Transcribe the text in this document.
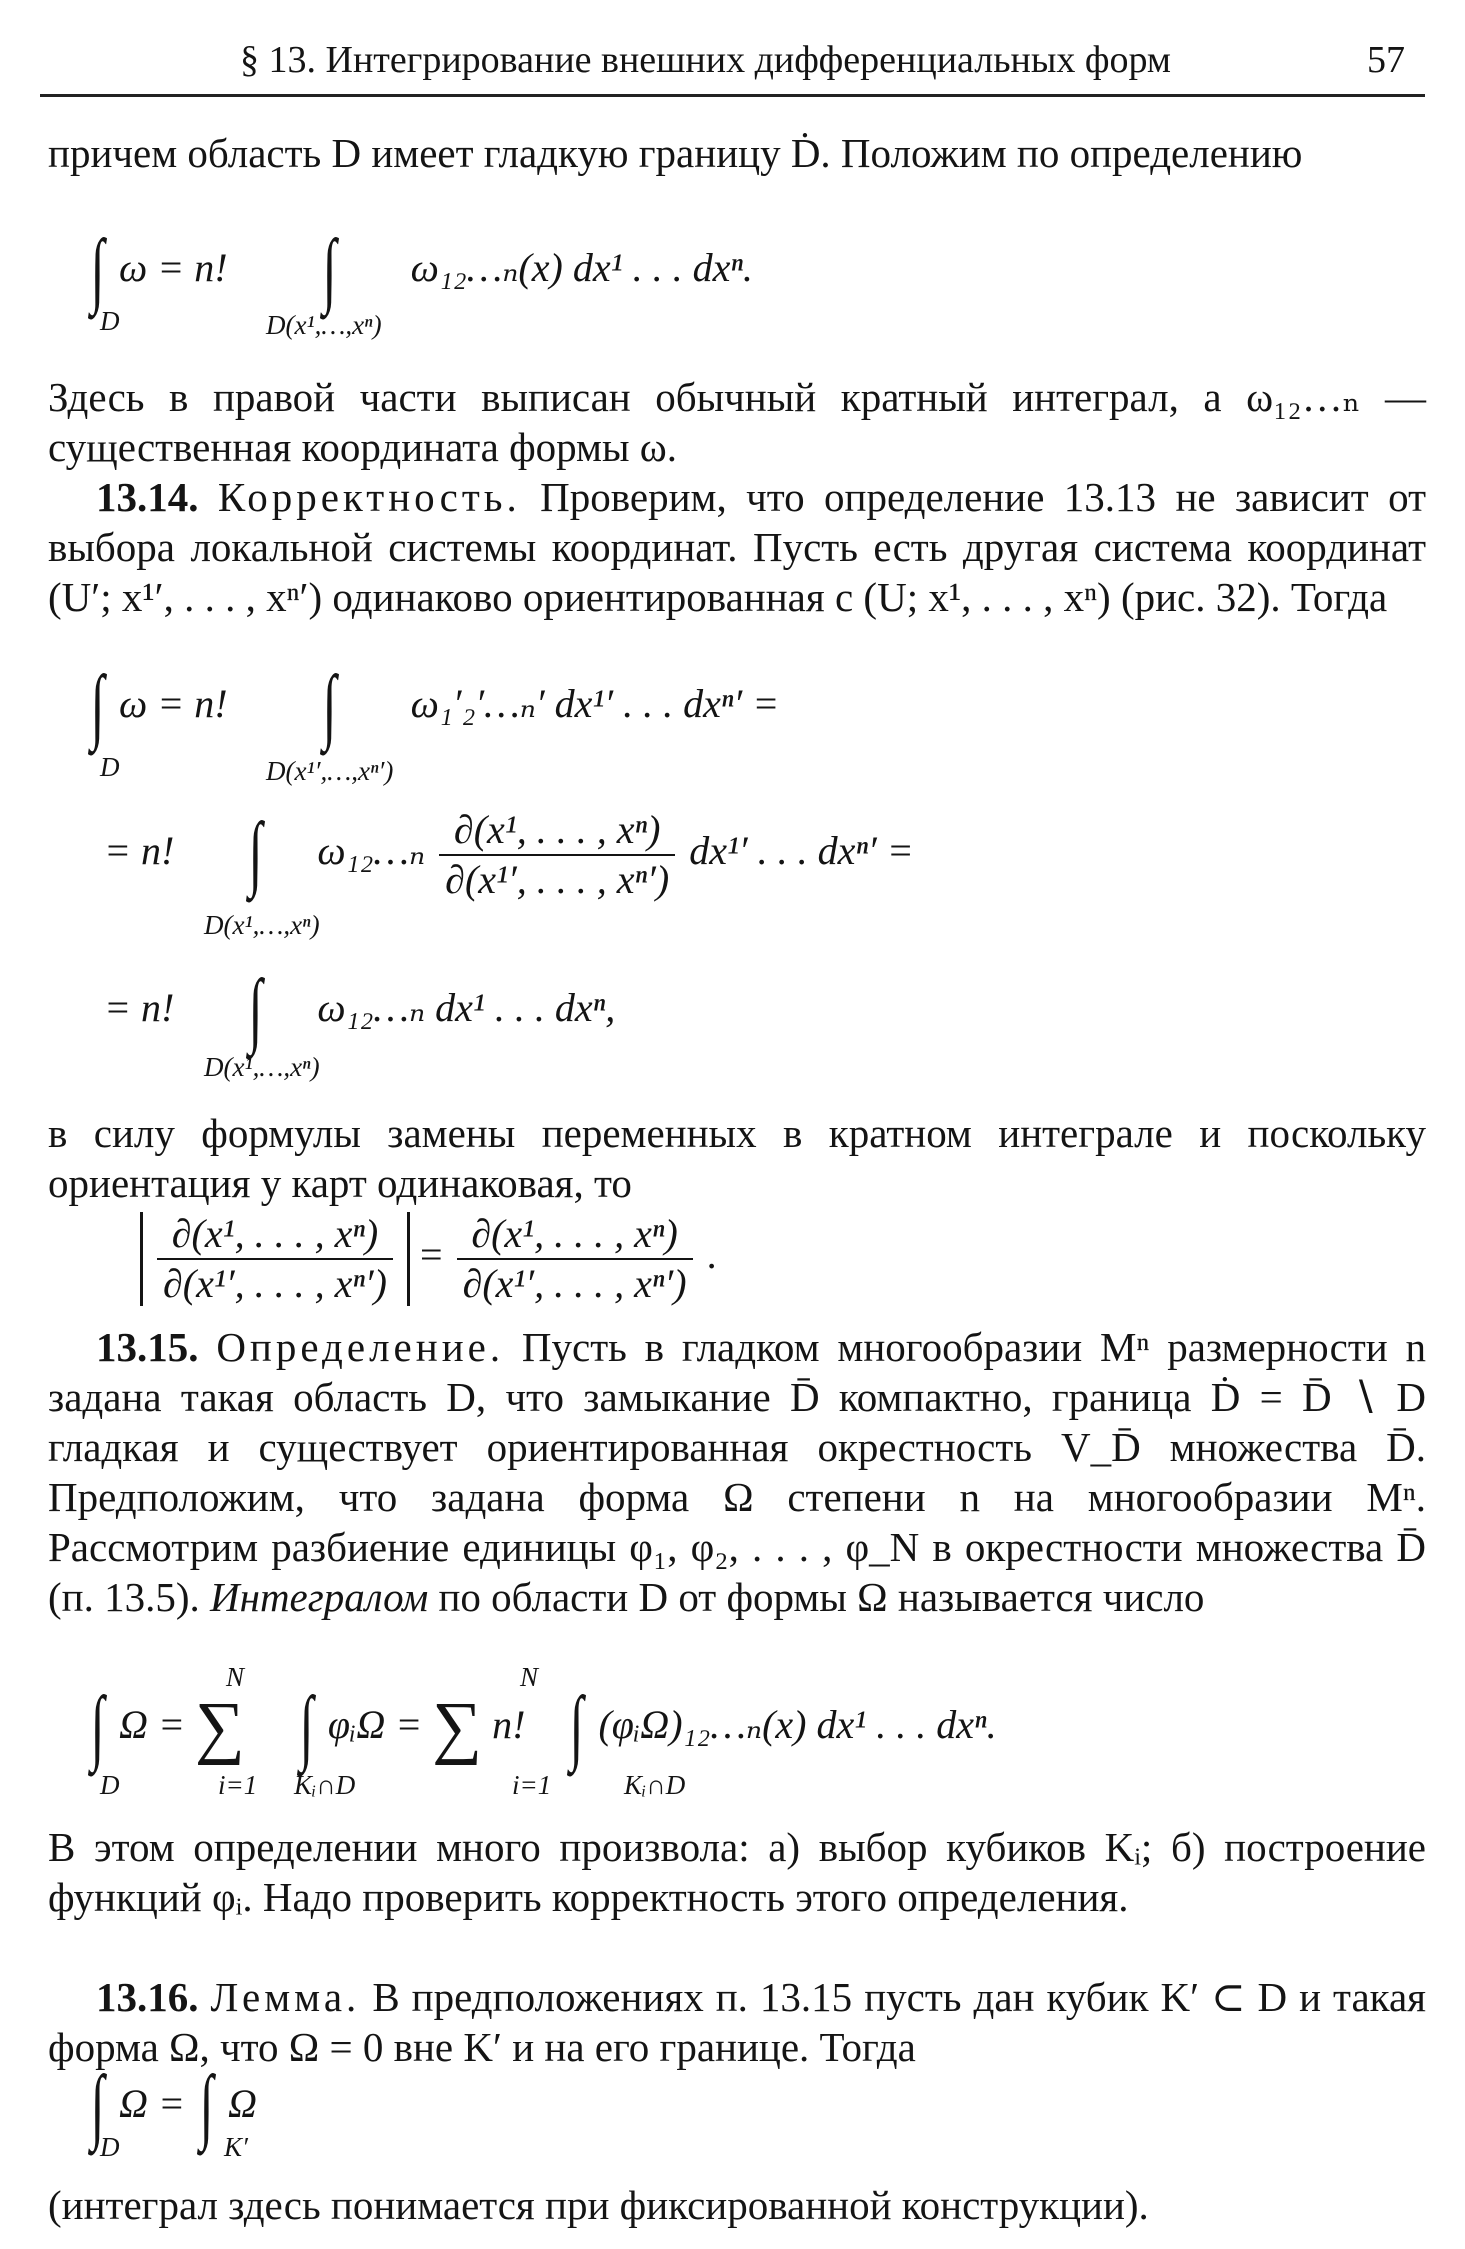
§ 13. Интегрирование внешних дифференциальных форм	57

причем область D имеет гладкую границу Ḋ. Положим по определению

∫ ω = n! ∫ ω₁₂…ₙ(x) dx¹ . . . dxⁿ.
D	D(x¹,…,xⁿ)

Здесь в правой части выписан обычный кратный интеграл, а ω₁₂…ₙ — существенная координата формы ω.

13.14. Корректность. Проверим, что определение 13.13 не зависит от выбора локальной системы координат. Пусть есть другая система координат (U′; x¹′, . . . , xⁿ′) одинаково ориентированная с (U; x¹, . . . , xⁿ) (рис. 32). Тогда

∫ ω = n! ∫ ω₁′₂′…ₙ′ dx¹′ . . . dxⁿ′ =
D	D(x¹′,…,xⁿ′)
= n! ∫ ω₁₂…ₙ $\frac{\text{∂(x¹, . . . , xⁿ)}}{\text{∂(x¹′, . . . , xⁿ′)}} dx^1'$ . . . dxⁿ′ =
D(x¹,…,xⁿ)
= n! ∫ ω₁₂…ₙ dx¹ . . . dxⁿ,
D(x¹,…,xⁿ)

в силу формулы замены переменных в кратном интеграле и поскольку ориентация у карт одинаковая, то

$\frac{\text{∂(x¹, . . . , xⁿ)}}{\text{∂(x¹′, . . . , xⁿ′)}} = \frac{\text{∂(x¹, . . . , xⁿ)}}{\text{∂(x¹′, . . . , xⁿ′)}}$ .

13.15. Определение. Пусть в гладком многообразии Mⁿ размерности n задана такая область D, что замыкание D̄ компактно, граница Ḋ = D̄ ∖ D гладкая и существует ориентированная окрестность V_D̄ множества D̄. Предположим, что задана форма Ω степени n на многообразии Mⁿ. Рассмотрим разбиение единицы φ₁, φ₂, . . . , φ_N в окрестности множества D̄ (п. 13.5). Интегралом по области D от формы Ω называется число

∫ Ω = ∑ ∫ φᵢΩ = ∑ n! ∫ (φᵢΩ)₁₂…ₙ(x) dx¹ . . . dxⁿ.
N
i=1
N
i=1
D	Kᵢ∩D	Kᵢ∩D

В этом определении много произвола: а) выбор кубиков Kᵢ; б) построение функций φᵢ. Надо проверить корректность этого определения.

13.16. Лемма. В предположениях п. 13.15 пусть дан кубик K′ ⊂ D и такая форма Ω, что Ω = 0 вне K′ и на его границе. Тогда

∫ Ω = ∫ Ω
D	K′

(интеграл здесь понимается при фиксированной конструкции).
